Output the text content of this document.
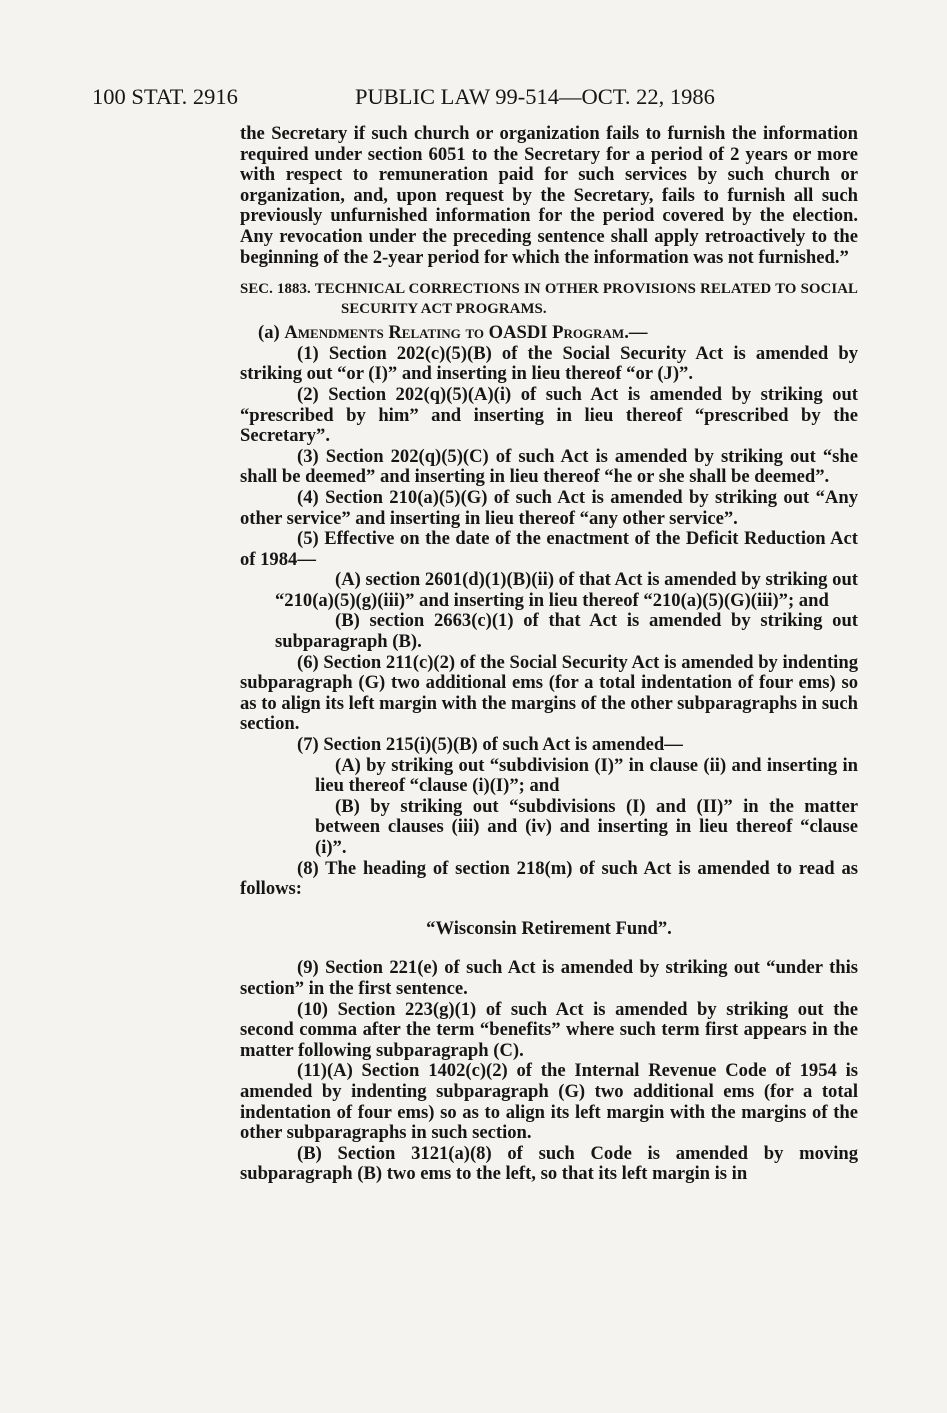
100 STAT. 2916	PUBLIC LAW 99-514—OCT. 22, 1986

the Secretary if such church or organization fails to furnish the information required under section 6051 to the Secretary for a period of 2 years or more with respect to remuneration paid for such services by such church or organization, and, upon request by the Secretary, fails to furnish all such previously unfurnished information for the period covered by the election. Any revocation under the preceding sentence shall apply retroactively to the beginning of the 2-year period for which the information was not furnished.”

SEC. 1883. TECHNICAL CORRECTIONS IN OTHER PROVISIONS RELATED TO SOCIAL SECURITY ACT PROGRAMS.

(a) Amendments Relating to OASDI Program.—

(1) Section 202(c)(5)(B) of the Social Security Act is amended by striking out “or (I)” and inserting in lieu thereof “or (J)”.

(2) Section 202(q)(5)(A)(i) of such Act is amended by striking out “prescribed by him” and inserting in lieu thereof “prescribed by the Secretary”.

(3) Section 202(q)(5)(C) of such Act is amended by striking out “she shall be deemed” and inserting in lieu thereof “he or she shall be deemed”.

(4) Section 210(a)(5)(G) of such Act is amended by striking out “Any other service” and inserting in lieu thereof “any other service”.

(5) Effective on the date of the enactment of the Deficit Reduction Act of 1984—

(A) section 2601(d)(1)(B)(ii) of that Act is amended by striking out “210(a)(5)(g)(iii)” and inserting in lieu thereof “210(a)(5)(G)(iii)”; and

(B) section 2663(c)(1) of that Act is amended by striking out subparagraph (B).

(6) Section 211(c)(2) of the Social Security Act is amended by indenting subparagraph (G) two additional ems (for a total indentation of four ems) so as to align its left margin with the margins of the other subparagraphs in such section.

(7) Section 215(i)(5)(B) of such Act is amended—

(A) by striking out “subdivision (I)” in clause (ii) and inserting in lieu thereof “clause (i)(I)”; and

(B) by striking out “subdivisions (I) and (II)” in the matter between clauses (iii) and (iv) and inserting in lieu thereof “clause (i)”.

(8) The heading of section 218(m) of such Act is amended to read as follows:

“Wisconsin Retirement Fund”.

(9) Section 221(e) of such Act is amended by striking out “under this section” in the first sentence.

(10) Section 223(g)(1) of such Act is amended by striking out the second comma after the term “benefits” where such term first appears in the matter following subparagraph (C).

(11)(A) Section 1402(c)(2) of the Internal Revenue Code of 1954 is amended by indenting subparagraph (G) two additional ems (for a total indentation of four ems) so as to align its left margin with the margins of the other subparagraphs in such section.

(B) Section 3121(a)(8) of such Code is amended by moving subparagraph (B) two ems to the left, so that its left margin is in
